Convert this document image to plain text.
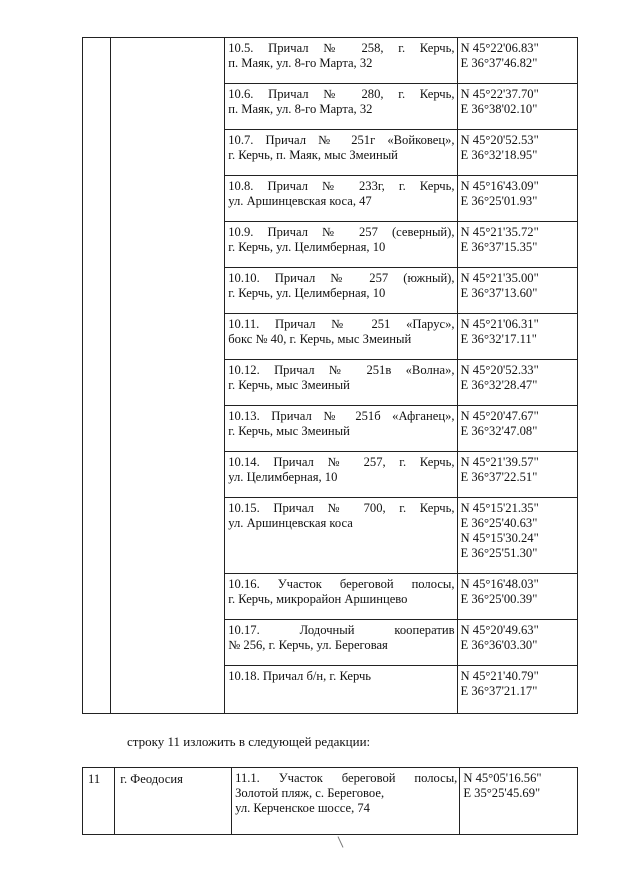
		10.5. Причал № 258, г. Керчь,
п. Маяк, ул. 8-го Марта, 32	N 45°22'06.83"
E 36°37'46.82"

		10.6. Причал № 280, г. Керчь,
п. Маяк, ул. 8-го Марта, 32	N 45°22'37.70"
E 36°38'02.10"

		10.7. Причал № 251г «Войковец»,
г. Керчь, п. Маяк, мыс Змеиный	N 45°20'52.53"
E 36°32'18.95"

		10.8. Причал № 233г, г. Керчь,
ул. Аршинцевская коса, 47	N 45°16'43.09"
E 36°25'01.93"

		10.9. Причал № 257 (северный),
г. Керчь, ул. Целимберная, 10	N 45°21'35.72"
E 36°37'15.35"

		10.10. Причал № 257 (южный),
г. Керчь, ул. Целимберная, 10	N 45°21'35.00"
E 36°37'13.60"

		10.11. Причал № 251 «Парус»,
бокс № 40, г. Керчь, мыс Змеиный	N 45°21'06.31"
E 36°32'17.11"

		10.12. Причал № 251в «Волна»,
г. Керчь, мыс Змеиный	N 45°20'52.33"
E 36°32'28.47"

		10.13. Причал № 251б «Афганец»,
г. Керчь, мыс Змеиный	N 45°20'47.67"
E 36°32'47.08"

		10.14. Причал № 257, г. Керчь,
ул. Целимберная, 10	N 45°21'39.57"
E 36°37'22.51"

		10.15. Причал № 700, г. Керчь,
ул. Аршинцевская коса	N 45°15'21.35"
E 36°25'40.63"
N 45°15'30.24"
E 36°25'51.30"

		10.16. Участок береговой полосы,
г. Керчь, микрорайон Аршинцево	N 45°16'48.03"
E 36°25'00.39"

		10.17. Лодочный кооператив
№ 256, г. Керчь, ул. Береговая	N 45°20'49.63"
E 36°36'03.30"

		10.18. Причал б/н, г. Керчь	N 45°21'40.79"
E 36°37'21.17"
строку 11 изложить в следующей редакции:
11	г. Феодосия	11.1. Участок береговой полосы,
Золотой пляж, с. Береговое,
ул. Керченское шоссе, 74

N 45°05'16.56"
E 35°25'45.69"
